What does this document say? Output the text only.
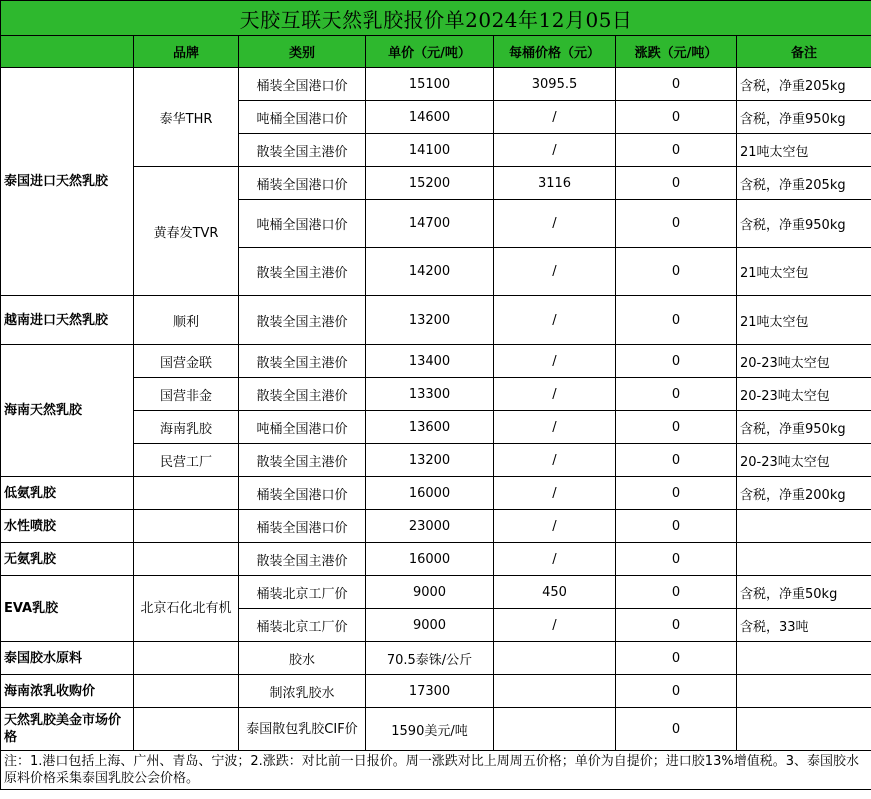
天胶互联天然乳胶报价单2024年12月05日						
	品牌	类别	单价（元/吨）	每桶价格（元）	涨跌（元/吨）	备注
泰国进口天然乳胶	泰华THR	桶装全国港口价	15100	3095.5	0	含税，净重205kg
		吨桶全国港口价	14600	/	0	含税，净重950kg
		散装全国主港价	14100	/	0	21吨太空包
	黄春发TVR	桶装全国港口价	15200	3116	0	含税，净重205kg
		吨桶全国港口价	14700	/	0	含税，净重950kg
		散装全国主港价	14200	/	0	21吨太空包
越南进口天然乳胶	顺利	散装全国主港价	13200	/	0	21吨太空包
海南天然乳胶	国营金联	散装全国主港价	13400	/	0	20-23吨太空包
	国营非金	散装全国主港价	13300	/	0	20-23吨太空包
	海南乳胶	吨桶全国港口价	13600	/	0	含税，净重950kg
	民营工厂	散装全国主港价	13200	/	0	20-23吨太空包
低氨乳胶		桶装全国港口价	16000	/	0	含税，净重200kg
水性喷胶		桶装全国港口价	23000	/	0	
无氨乳胶		散装全国主港价	16000	/	0	
EVA乳胶	北京石化北有机	桶装北京工厂价	9000	450	0	含税，净重50kg
		桶装北京工厂价	9000	/	0	含税，33吨
泰国胶水原料		胶水	70.5泰铢/公斤		0	
海南浓乳收购价		制浓乳胶水	17300		0	
天然乳胶美金市场价格		泰国散包乳胶CIF价	1590美元/吨		0	
注：1.港口包括上海、广州、青岛、宁波；2.涨跌：对比前一日报价。周一涨跌对比上周周五价格；单价为自提价；进口胶13%增值税。3、泰国胶水原料价格采集泰国乳胶公会价格。						
